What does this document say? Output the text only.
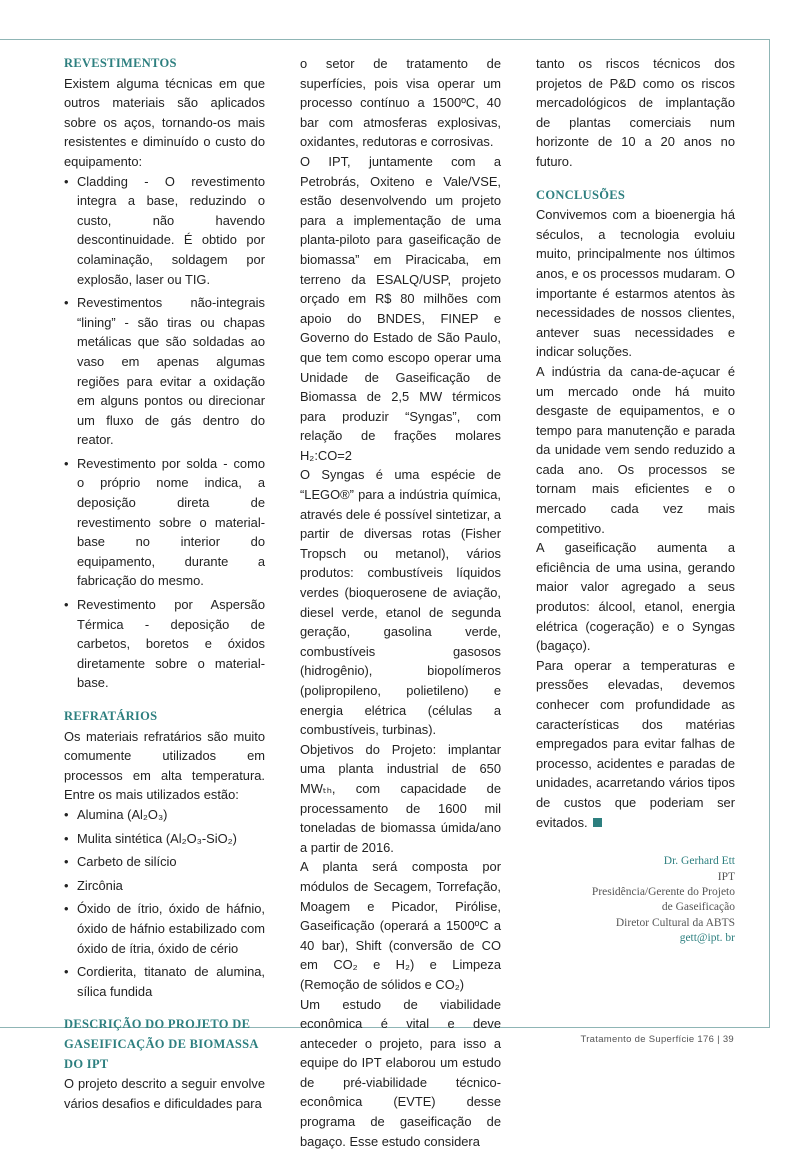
REVESTIMENTOS

Existem alguma técnicas em que outros materiais são aplicados sobre os aços, tornando-os mais resistentes e diminuído o custo do equipamento:

• Cladding - O revestimento integra a base, reduzindo o custo, não havendo descontinuidade. É obtido por colaminação, soldagem por explosão, laser ou TIG.
• Revestimentos não-integrais “lining” - são tiras ou chapas metálicas que são soldadas ao vaso em apenas algumas regiões para evitar a oxidação em alguns pontos ou direcionar um fluxo de gás dentro do reator.
• Revestimento por solda - como o próprio nome indica, a deposição direta de revestimento sobre o material-base no interior do equipamento, durante a fabricação do mesmo.
• Revestimento por Aspersão Térmica - deposição de carbetos, boretos e óxidos diretamente sobre o material-base.
REFRATÁRIOS

Os materiais refratários são muito comumente utilizados em processos em alta temperatura. Entre os mais utilizados estão:

• Alumina (Al₂O₃)
• Mulita sintética (Al₂O₃-SiO₂)
• Carbeto de silício
• Zircônia
• Óxido de ítrio, óxido de háfnio, óxido de háfnio estabilizado com óxido de ítria, óxido de cério
• Cordierita, titanato de alumina, sílica fundida
DESCRIÇÃO DO PROJETO DE GASEIFICAÇÃO DE BIOMASSA DO IPT

O projeto descrito a seguir envolve vários desafios e dificuldades para

o setor de tratamento de superfícies, pois visa operar um processo contínuo a 1500ºC, 40 bar com atmosferas explosivas, oxidantes, redutoras e corrosivas.

O IPT, juntamente com a Petrobrás, Oxiteno e Vale/VSE, estão desenvolvendo um projeto para a implementação de uma planta-piloto para gaseificação de biomassa” em Piracicaba, em terreno da ESALQ/USP, projeto orçado em R$ 80 milhões com apoio do BNDES, FINEP e Governo do Estado de São Paulo, que tem como escopo operar uma Unidade de Gaseificação de Biomassa de 2,5 MW térmicos para produzir “Syngas”, com relação de frações molares H₂:CO=2

O Syngas é uma espécie de “LEGO®” para a indústria química, através dele é possível sintetizar, a partir de diversas rotas (Fisher Tropsch ou metanol), vários produtos: combustíveis líquidos verdes (bioquerosene de aviação, diesel verde, etanol de segunda geração, gasolina verde, combustíveis gasosos (hidrogênio), biopolímeros (polipropileno, polietileno) e energia elétrica (células a combustíveis, turbinas).

Objetivos do Projeto: implantar uma planta industrial de 650 MWₜₕ, com capacidade de processamento de 1600 mil toneladas de biomassa úmida/ano a partir de 2016.

A planta será composta por módulos de Secagem, Torrefação, Moagem e Picador, Pirólise, Gaseificação (operará a 1500ºC a 40 bar), Shift (conversão de CO em CO₂ e H₂) e Limpeza (Remoção de sólidos e CO₂)

Um estudo de viabilidade econômica é vital e deve anteceder o projeto, para isso a equipe do IPT elaborou um estudo de pré-viabilidade técnico-econômica (EVTE) desse programa de gaseificação de bagaço. Esse estudo considera

tanto os riscos técnicos dos projetos de P&D como os riscos mercadológicos de implantação de plantas comerciais num horizonte de 10 a 20 anos no futuro.

CONCLUSÕES

Convivemos com a bioenergia há séculos, a tecnologia evoluiu muito, principalmente nos últimos anos, e os processos mudaram. O importante é estarmos atentos às necessidades de nossos clientes, antever suas necessidades e indicar soluções.

A indústria da cana-de-açucar é um mercado onde há muito desgaste de equipamentos, e o tempo para manutenção e parada da unidade vem sendo reduzido a cada ano. Os processos se tornam mais eficientes e o mercado cada vez mais competitivo.

A gaseificação aumenta a eficiência de uma usina, gerando maior valor agregado a seus produtos: álcool, etanol, energia elétrica (cogeração) e o Syngas (bagaço).

Para operar a temperaturas e pressões elevadas, devemos conhecer com profundidade as características dos matérias empregados para evitar falhas de processo, acidentes e paradas de unidades, acarretando vários tipos de custos que poderiam ser evitados.

Dr. Gerhard Ett
IPT
Presidência/Gerente do Projeto
de Gaseificação
Diretor Cultural da ABTS
gett@ipt. br
Tratamento de Superfície 176 | 39
